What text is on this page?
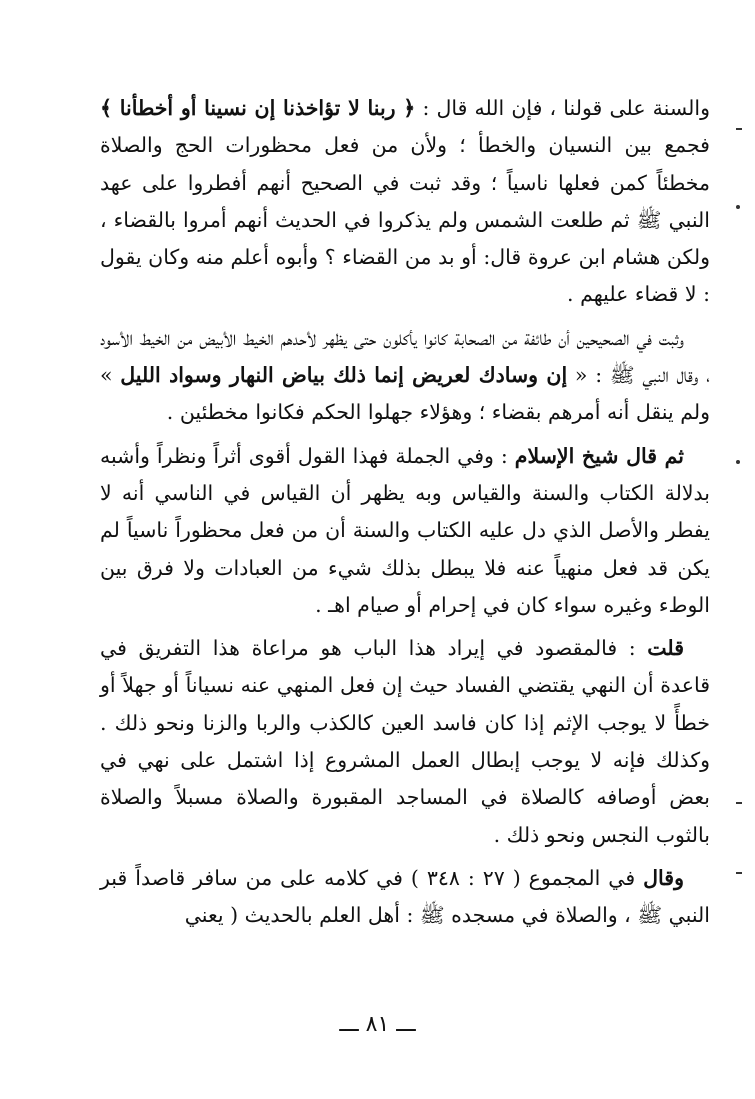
والسنة على قولنا ، فإن الله قال : ﴿ ربنا لا تؤاخذنا إن نسينا أو أخطأنا ﴾ فجمع بين النسيان والخطأ ؛ ولأن من فعل محظورات الحج والصلاة مخطئاً كمن فعلها ناسياً ؛ وقد ثبت في الصحيح أنهم أفطروا على عهد النبي ﷺ ثم طلعت الشمس ولم يذكروا في الحديث أنهم أمروا بالقضاء ، ولكن هشام ابن عروة قال: أو بد من القضاء ؟ وأبوه أعلم منه وكان يقول : لا قضاء عليهم .

وثبت في الصحيحين أن طائفة من الصحابة كانوا يأكلون حتى يظهر لأحدهم الخيط الأبيض من الخيط الأسود ، وقال النبي ﷺ : « إن وسادك لعريض إنما ذلك بياض النهار وسواد الليل » ولم ينقل أنه أمرهم بقضاء ؛ وهؤلاء جهلوا الحكم فكانوا مخطئين .

ثم قال شيخ الإسلام : وفي الجملة فهذا القول أقوى أثراً ونظراً وأشبه بدلالة الكتاب والسنة والقياس وبه يظهر أن القياس في الناسي أنه لا يفطر والأصل الذي دل عليه الكتاب والسنة أن من فعل محظوراً ناسياً لم يكن قد فعل منهياً عنه فلا يبطل بذلك شيء من العبادات ولا فرق بين الوطء وغيره سواء كان في إحرام أو صيام اهـ .

قلت : فالمقصود في إيراد هذا الباب هو مراعاة هذا التفريق في قاعدة أن النهي يقتضي الفساد حيث إن فعل المنهي عنه نسياناً أو جهلاً أو خطأً لا يوجب الإثم إذا كان فاسد العين كالكذب والربا والزنا ونحو ذلك . وكذلك فإنه لا يوجب إبطال العمل المشروع إذا اشتمل على نهي في بعض أوصافه كالصلاة في المساجد المقبورة والصلاة مسبلاً والصلاة بالثوب النجس ونحو ذلك .

وقال في المجموع ( ٢٧ : ٣٤٨ ) في كلامه على من سافر قاصداً قبر النبي ﷺ ، والصلاة في مسجده ﷺ : أهل العلم بالحديث ( يعني

ـــ ٨١ ـــ
